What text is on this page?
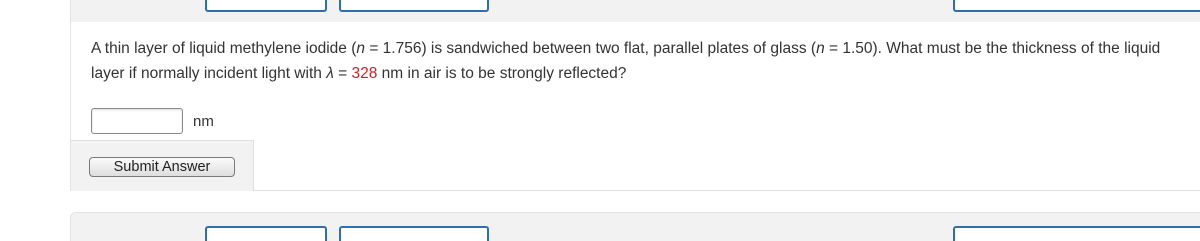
A thin layer of liquid methylene iodide (n = 1.756) is sandwiched between two flat, parallel plates of glass (n = 1.50). What must be the thickness of the liquid layer if normally incident light with λ = 328 nm in air is to be strongly reflected?
nm
Submit Answer
